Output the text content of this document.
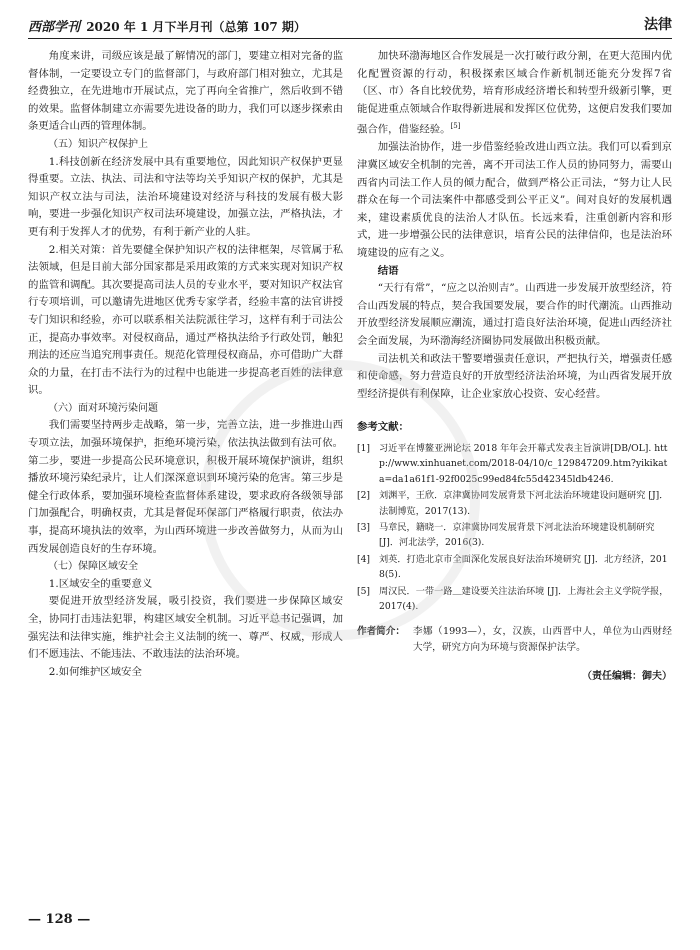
西部学刊 2020 年 1 月下半月刊（总第 107 期）	法律

角度来讲，司级应该是最了解情况的部门，要建立相对完备的监督体制，一定要设立专门的监督部门，与政府部门相对独立，尤其是经费独立，在先进地市开展试点，完了再向全省推广，然后收到不错的效果。监督体制建立亦需要先进设备的助力，我们可以逐步探索由 条更适合山西的管理体制。

（五）知识产权保护上

1.科技创新在经济发展中具有重要地位，因此知识产权保护更显得重要。立法、执法、司法和守法等均关乎知识产权的保护，尤其是知识产权立法与司法，法治环境建设对经济与科技的发展有极大影响，要进一步强化知识产权司法环境建设，加强立法，严格执法，才更有利于发挥人才的优势，有利于新产业的人驻。

2.相关对策：首先要健全保护知识产权的法律框架，尽管属于私法领域，但是目前大部分国家都是采用政策的方式来实现对知识产权的监管和调配。其次要提高司法人员的专业水平，要对知识产权法官行专项培训，可以邀请先进地区优秀专家学者，经验丰富的法官讲授专门知识和经验，亦可以联系相关法院派往学习，这样有利于司法公正，提高办事效率。对侵权商品，通过严格执法给予行政处罚，触犯刑法的还应当追究刑事责任。规范化管理侵权商品，亦可借助广大群众的力量，在打击不法行为的过程中也能进一步提高老百姓的法律意识。

（六）面对环境污染问题

我们需要坚持两步走战略，第一步，完善立法，进一步推进山西专项立法，加强环境保护，拒绝环境污染，依法执法做到有法可依。第二步，要进一步提高公民环境意识，积极开展环境保护演讲，组织播放环境污染纪录片，让人们深深意识到环境污染的危害。第三步是健全行政体系，要加强环境检查监督体系建设，要求政府各级领导部门加强配合，明确权责，尤其是督促环保部门严格履行职责，依法办事，提高环境执法的效率，为山西环境进一步改善做努力，从而为山西发展创造良好的生存环境。

（七）保障区域安全

1.区域安全的重要意义

要促进开放型经济发展，吸引投资，我们要进一步保障区域安全，协同打击违法犯罪，构建区域安全机制。习近平总书记强调，加强宪法和法律实施，维护社会主义法制的统一、尊严、权威，形成人们不愿违法、不能违法、不敢违法的法治环境。

2.如何维护区域安全

加快环渤海地区合作发展是一次打破行政分割，在更大范围内优化配置资源的行动，积极探索区域合作新机制还能充分发挥7省（区、市）各自比较优势，培育形成经济增长和转型升级新引擎，更能促进重点领域合作取得新进展和发挥区位优势，这便启发我们要加强合作，借鉴经验。[5]

加强法治协作，进一步借鉴经验改进山西立法。我们可以看到京津冀区域安全机制的完善，离不开司法工作人员的协同努力，需要山西省内司法工作人员的倾力配合，做到严格公正司法，“努力让人民群众在每一个司法案件中都感受到公平正义”。间对良好的发展机遇来，建设素质优良的法治人才队伍。长远来看，注重创新内容和形式，进一步增强公民的法律意识，培育公民的法律信仰，也是法治环境建设的应有之义。

结语

“天行有常”，“应之以治则吉”。山西进一步发展开放型经济，符合山西发展的特点，契合我国要发展，要合作的时代潮流。山西推动开放型经济发展顺应潮流，通过打造良好法治环境，促进山西经济社会全面发展，为环渤海经济圈协同发展做出积极贡献。

司法机关和政法干警要增强责任意识，严把执行关，增强责任感和使命感，努力营造良好的开放型经济法治环境，为山西省发展开放型经济提供有利保障，让企业家放心投资、安心经营。

参考文献：

[1] 习近平在博鳌亚洲论坛 2018 年年会开幕式发表主旨演讲[DB/OL]. http://www.xinhuanet.com/2018-04/10/c_129847209.htm?yikikata=da1a61f1-92f0025c99ed84fc55d42345ldb4246.
[2] 刘渊平，王欣．京津冀协同发展背景下河北法治环境建设问题研究 [J]．法制博览，2017(13).
[3] 马章民，籍晓一．京津冀协同发展背景下河北法治环境建设机制研究 [J]．河北法学，2016(3).
[4] 刘英．打造北京市全面深化发展良好法治环境研究 [J]．北方经济，2018(5).
[5] 周汉民．一带一路＿建设要关注法治环境 [J]．上海社会主义学院学报，2017(4).
作者简介： 李娜（1993—），女，汉族，山西晋中人，单位为山西财经大学，研究方向为环境与资源保护法学。
（责任编辑：御夫）
— 128 —
